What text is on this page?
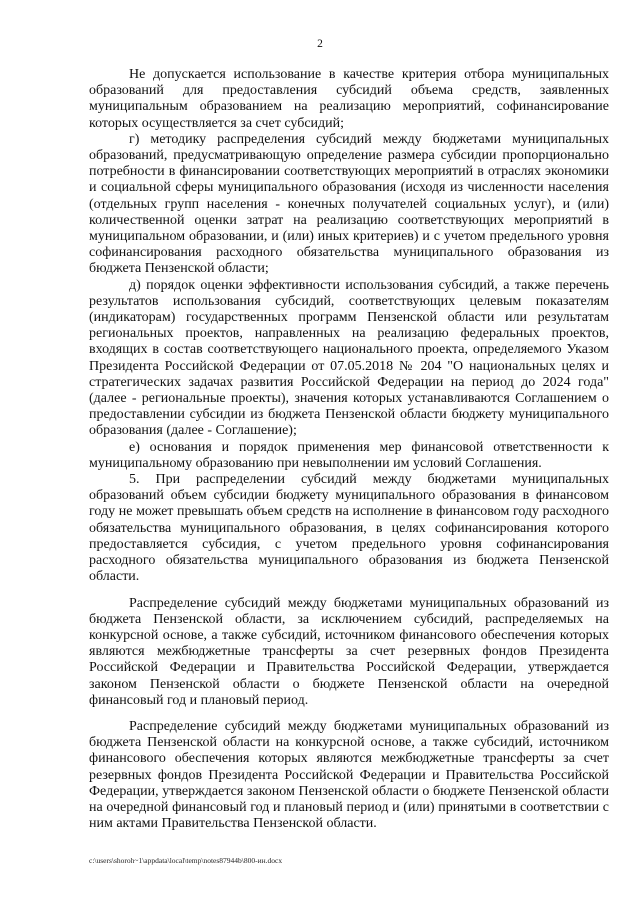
2

Не допускается использование в качестве критерия отбора муниципальных образований для предоставления субсидий объема средств, заявленных муниципальным образованием на реализацию мероприятий, софинансирование которых осуществляется за счет субсидий;

г) методику распределения субсидий между бюджетами муниципальных образований, предусматривающую определение размера субсидии пропорционально потребности в финансировании соответствующих мероприятий в отраслях экономики и социальной сферы муниципального образования (исходя из численности населения (отдельных групп населения - конечных получателей социальных услуг), и (или) количественной оценки затрат на реализацию соответствующих мероприятий в муниципальном образовании, и (или) иных критериев) и с учетом предельного уровня софинансирования расходного обязательства муниципального образования из бюджета Пензенской области;

д) порядок оценки эффективности использования субсидий, а также перечень результатов использования субсидий, соответствующих целевым показателям (индикаторам) государственных программ Пензенской области или результатам региональных проектов, направленных на реализацию федеральных проектов, входящих в состав соответствующего национального проекта, определяемого Указом Президента Российской Федерации от 07.05.2018 № 204 "О национальных целях и стратегических задачах развития Российской Федерации на период до 2024 года" (далее - региональные проекты), значения которых устанавливаются Соглашением о предоставлении субсидии из бюджета Пензенской области бюджету муниципального образования (далее - Соглашение);

е) основания и порядок применения мер финансовой ответственности к муниципальному образованию при невыполнении им условий Соглашения.

5. При распределении субсидий между бюджетами муниципальных образований объем субсидии бюджету муниципального образования в финансовом году не может превышать объем средств на исполнение в финансовом году расходного обязательства муниципального образования, в целях софинансирования которого предоставляется субсидия, с учетом предельного уровня софинансирования расходного обязательства муниципального образования из бюджета Пензенской области.

Распределение субсидий между бюджетами муниципальных образований из бюджета Пензенской области, за исключением субсидий, распределяемых на конкурсной основе, а также субсидий, источником финансового обеспечения которых являются межбюджетные трансферты за счет резервных фондов Президента Российской Федерации и Правительства Российской Федерации, утверждается законом Пензенской области о бюджете Пензенской области на очередной финансовый год и плановый период.

Распределение субсидий между бюджетами муниципальных образований из бюджета Пензенской области на конкурсной основе, а также субсидий, источником финансового обеспечения которых являются межбюджетные трансферты за счет резервных фондов Президента Российской Федерации и Правительства Российской Федерации, утверждается законом Пензенской области о бюджете Пензенской области на очередной финансовый год и плановый период и (или) принятыми в соответствии с ним актами Правительства Пензенской области.

c:\users\shoroh~1\appdata\local\temp\notes87944b\800-ин.docx
